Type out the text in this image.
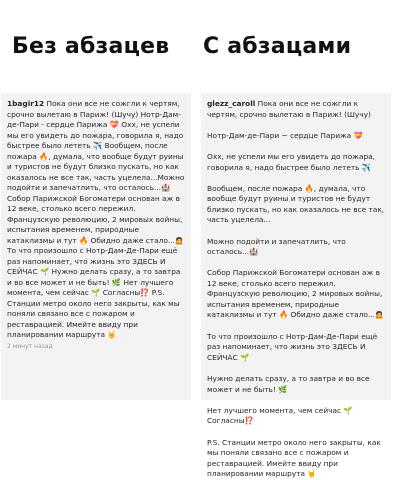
Без абзацев С абзацами

1bagir12 Пока они все не сожгли к чертям, срочно вылетаю в Париж! (Шучу) Нотр-Дам-де-Пари - сердце Парижа 💝 Охх, не успели мы его увидеть до пожара, говорила я, надо быстрее было лететь ✈️ Вообщем, после пожара 🔥, думала, что вообще будут руины и туристов не будут близко пускать, но как оказалось не все так, часть уцелела...Можно подойти и запечатлить, что осталось...🏰 Собор Парижской Богоматери основан аж в 12 веке, столько всего пережил. Французскую революцию, 2 мировых войны, испытания временем, природные катаклизмы и тут 🔥 Обидно даже стало...🙍 То что произошло с Нотр-Дам-Де-Пари ещё раз напоминает, что жизнь это ЗДЕСЬ И СЕЙЧАС 🌱 Нужно делать сразу, а то завтра и во все может и не быть! 🌿 Нет лучшего момента, чем сейчас 🌱 Согласны⁉️ P.S. Станции метро около него закрыты, как мы поняли связано все с пожаром и реставрацией. Имейте ввиду при планировании маршрута 🤘
2 минут назад

glezz_caroll Пока они все не сожгли к чертям, срочно вылетаю в Париж! (Шучу)

Нотр-Дам-де-Пари ~ сердце Парижа 💝

Охх, не успели мы его увидеть до пожара, говорила я, надо быстрее было лететь ✈️

Вообщем, после пожара 🔥, думала, что вообще будут руины и туристов не будут близко пускать, но как оказалось не все так, часть уцелела...

Можно подойти и запечатлить, что осталось...🏰

Собор Парижской Богоматери основан аж в 12 веке, столько всего пережил. Французскую революцию, 2 мировых войны, испытания временем, природные катаклизмы и тут 🔥 Обидно даже стало...🙍

То что произошло с Нотр-Дам-Де-Пари ещё раз напоминает, что жизнь это ЗДЕСЬ И СЕЙЧАС 🌱

Нужно делать сразу, а то завтра и во все может и не быть! 🌿

Нет лучшего момента, чем сейчас 🌱 Согласны⁉️

P.S. Станции метро около него закрыты, как мы поняли связано все с пожаром и реставрацией. Имейте ввиду при планировании маршрута 🤘
